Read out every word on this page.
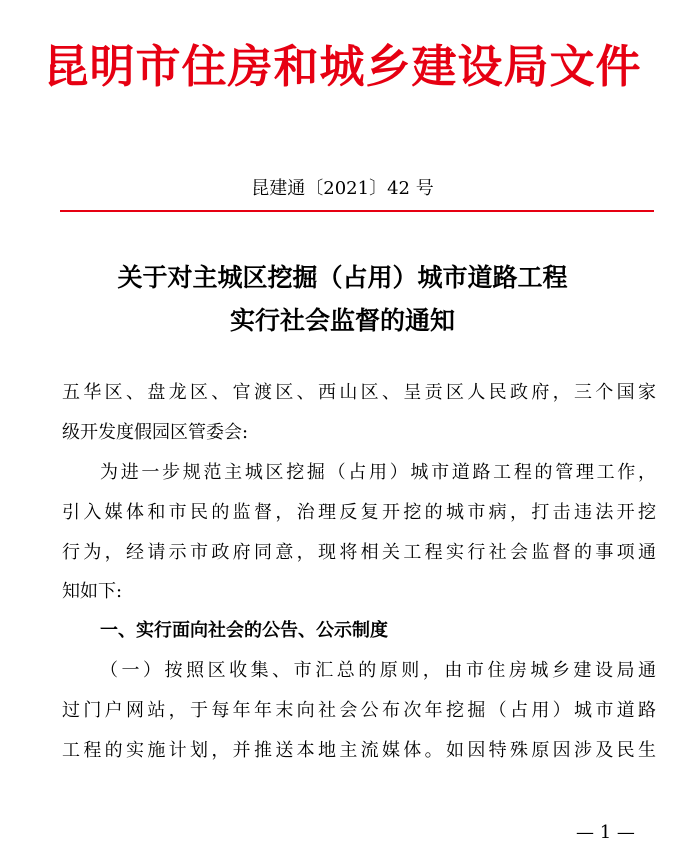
昆明市住房和城乡建设局文件
昆建通〔2021〕42 号
关于对主城区挖掘（占用）城市道路工程
实行社会监督的通知
五华区、盘龙区、官渡区、西山区、呈贡区人民政府，三个国家
级开发度假园区管委会:
为进一步规范主城区挖掘（占用）城市道路工程的管理工作，
引入媒体和市民的监督，治理反复开挖的城市病，打击违法开挖
行为，经请示市政府同意，现将相关工程实行社会监督的事项通
知如下:
一、实行面向社会的公告、公示制度
（一）按照区收集、市汇总的原则，由市住房城乡建设局通
过门户网站，于每年年末向社会公布次年挖掘（占用）城市道路
工程的实施计划，并推送本地主流媒体。如因特殊原因涉及民生
— 1 —
